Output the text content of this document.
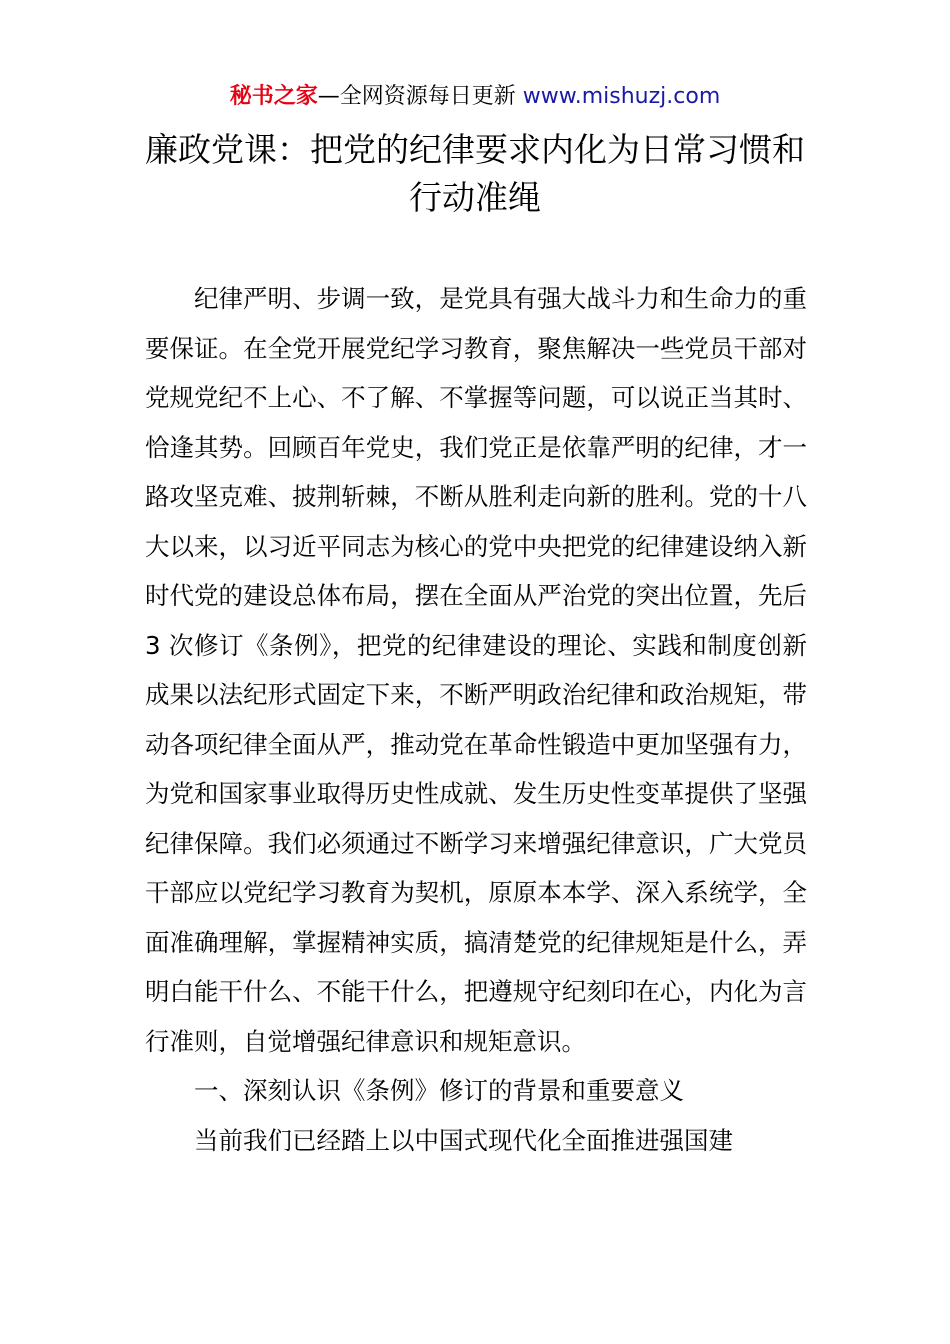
秘书之家—全网资源每日更新 www.mishuzj.com
廉政党课：把党的纪律要求内化为日常习惯和行动准绳

纪律严明、步调一致，是党具有强大战斗力和生命力的重要保证。在全党开展党纪学习教育，聚焦解决一些党员干部对党规党纪不上心、不了解、不掌握等问题，可以说正当其时、恰逢其势。回顾百年党史，我们党正是依靠严明的纪律，才一路攻坚克难、披荆斩棘，不断从胜利走向新的胜利。党的十八大以来，以习近平同志为核心的党中央把党的纪律建设纳入新时代党的建设总体布局，摆在全面从严治党的突出位置，先后 3 次修订《条例》，把党的纪律建设的理论、实践和制度创新成果以法纪形式固定下来，不断严明政治纪律和政治规矩，带动各项纪律全面从严，推动党在革命性锻造中更加坚强有力，为党和国家事业取得历史性成就、发生历史性变革提供了坚强纪律保障。我们必须通过不断学习来增强纪律意识，广大党员干部应以党纪学习教育为契机，原原本本学、深入系统学，全面准确理解，掌握精神实质，搞清楚党的纪律规矩是什么，弄明白能干什么、不能干什么，把遵规守纪刻印在心，内化为言行准则，自觉增强纪律意识和规矩意识。

一、深刻认识《条例》修订的背景和重要意义

当前我们已经踏上以中国式现代化全面推进强国建
